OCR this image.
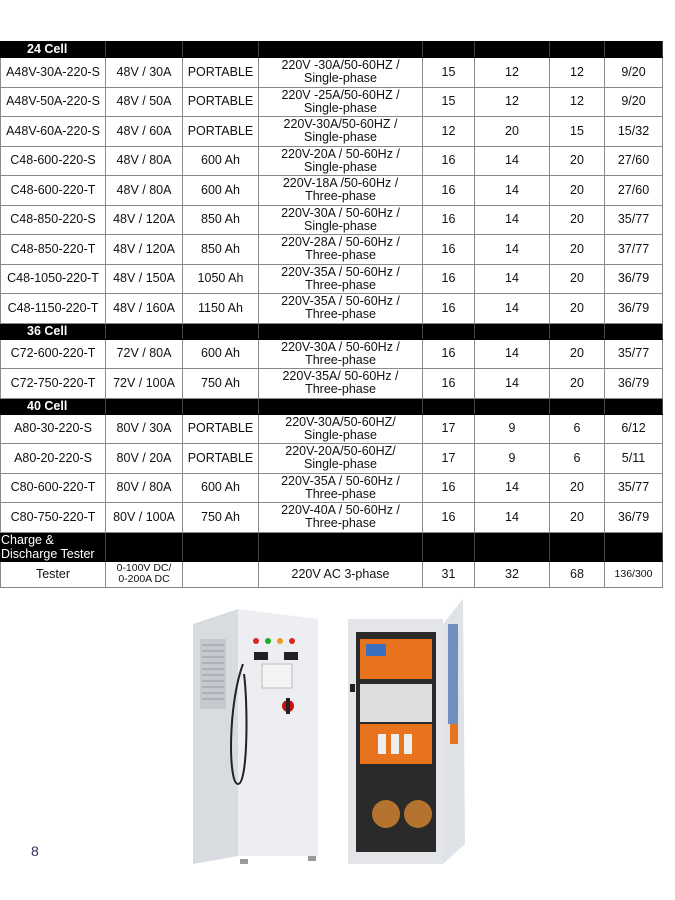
24 Cell							
A48V-30A-220-S	48V / 30A	PORTABLE	220V -30A/50-60HZ /
Single-phase	15	12	12	9/20
A48V-50A-220-S	48V / 50A	PORTABLE	220V -25A/50-60HZ /
Single-phase	15	12	12	9/20
A48V-60A-220-S	48V / 60A	PORTABLE	220V-30A/50-60HZ /
Single-phase	12	20	15	15/32
C48-600-220-S	48V / 80A	600 Ah	220V-20A / 50-60Hz /
Single-phase	16	14	20	27/60
C48-600-220-T	48V / 80A	600 Ah	220V-18A /50-60Hz /
Three-phase	16	14	20	27/60
C48-850-220-S	48V / 120A	850 Ah	220V-30A / 50-60Hz /
Single-phase	16	14	20	35/77
C48-850-220-T	48V / 120A	850 Ah	220V-28A / 50-60Hz /
Three-phase	16	14	20	37/77
C48-1050-220-T	48V / 150A	1050 Ah	220V-35A / 50-60Hz /
Three-phase	16	14	20	36/79
C48-1150-220-T	48V / 160A	1150 Ah	220V-35A / 50-60Hz /
Three-phase	16	14	20	36/79
36 Cell							
C72-600-220-T	72V / 80A	600 Ah	220V-30A / 50-60Hz /
Three-phase	16	14	20	35/77
C72-750-220-T	72V / 100A	750 Ah	220V-35A/ 50-60Hz /
Three-phase	16	14	20	36/79
40 Cell							
A80-30-220-S	80V / 30A	PORTABLE	220V-30A/50-60HZ/
Single-phase	17	9	6	6/12
A80-20-220-S	80V / 20A	PORTABLE	220V-20A/50-60HZ/
Single-phase	17	9	6	5/11
C80-600-220-T	80V / 80A	600 Ah	220V-35A / 50-60Hz /
Three-phase	16	14	20	35/77
C80-750-220-T	80V / 100A	750 Ah	220V-40A / 50-60Hz /
Three-phase	16	14	20	36/79
Charge &
Discharge Tester							
Tester	0-100V DC/
0-200A DC		220V AC 3-phase	31	32	68	136/300
8
